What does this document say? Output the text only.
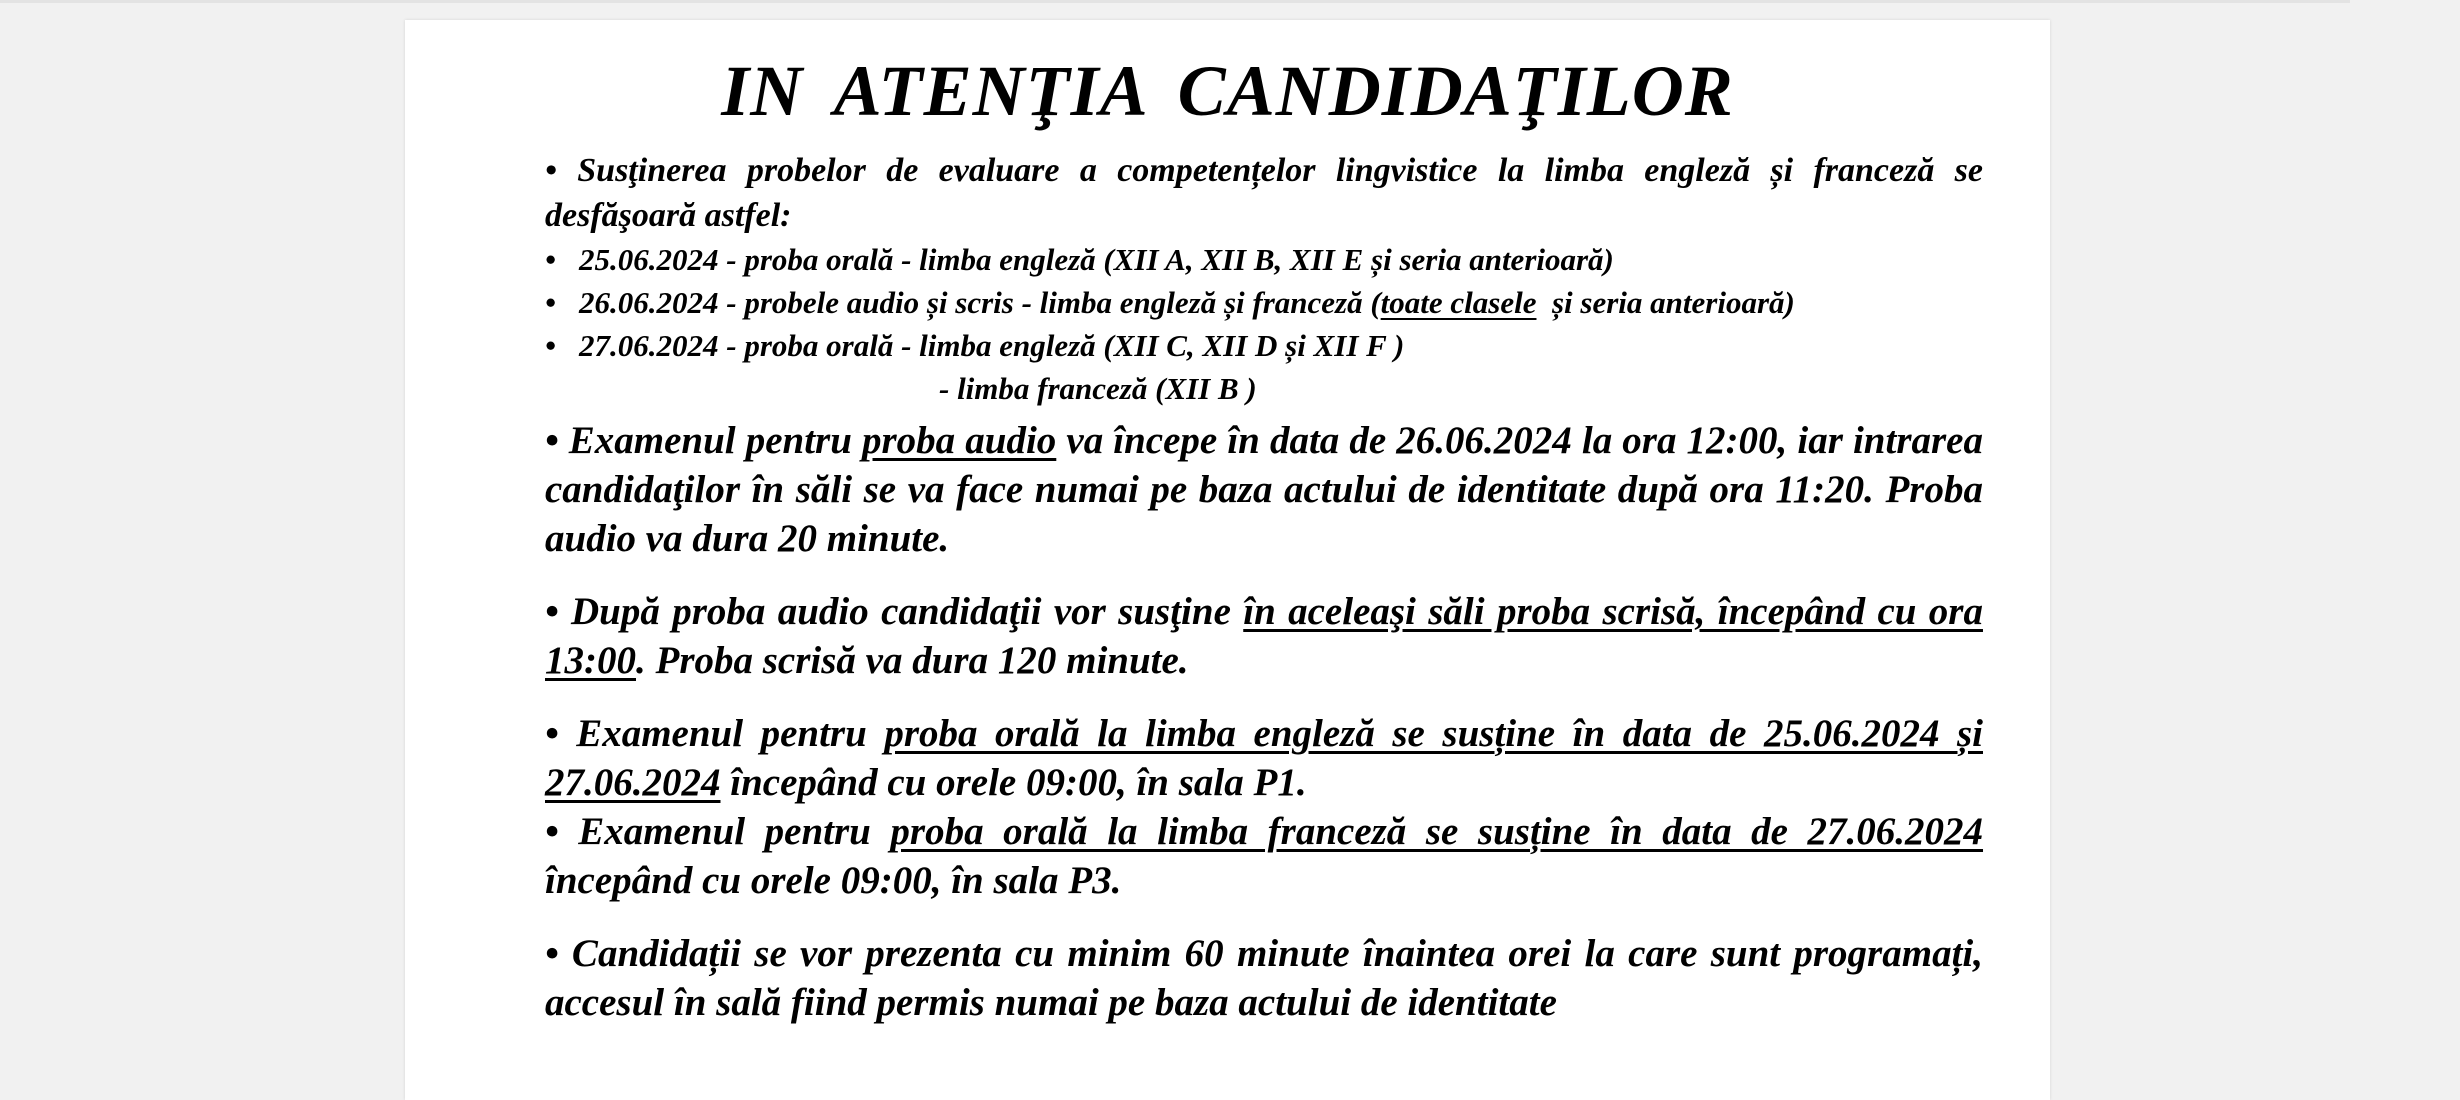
IN ATENŢIA CANDIDAŢILOR

• Susţinerea probelor de evaluare a competențelor lingvistice la limba engleză și franceză se desfăşoară astfel:

• 25.06.2024 - proba orală - limba engleză (XII A, XII B, XII E și seria anterioară)
• 26.06.2024 - probele audio și scris - limba engleză și franceză (toate clasele  și seria anterioară)
• 27.06.2024 - proba orală - limba engleză (XII C, XII D și XII F )
- limba franceză (XII B )

• Examenul pentru proba audio va începe în data de 26.06.2024 la ora 12:00, iar intrarea candidaţilor în săli se va face numai pe baza actului de identitate după ora 11:20. Proba audio va dura 20 minute.

• După proba audio candidaţii vor susţine în aceleaşi săli proba scrisă, începând cu ora 13:00. Proba scrisă va dura 120 minute.

• Examenul pentru proba orală la limba engleză se susține în data de 25.06.2024 și 27.06.2024 începând cu orele 09:00, în sala P1.

• Examenul pentru proba orală la limba franceză se susține în data de 27.06.2024 începând cu orele 09:00, în sala P3.

• Candidații se vor prezenta cu minim 60 minute înaintea orei la care sunt programați, accesul în sală fiind permis numai pe baza actului de identitate
